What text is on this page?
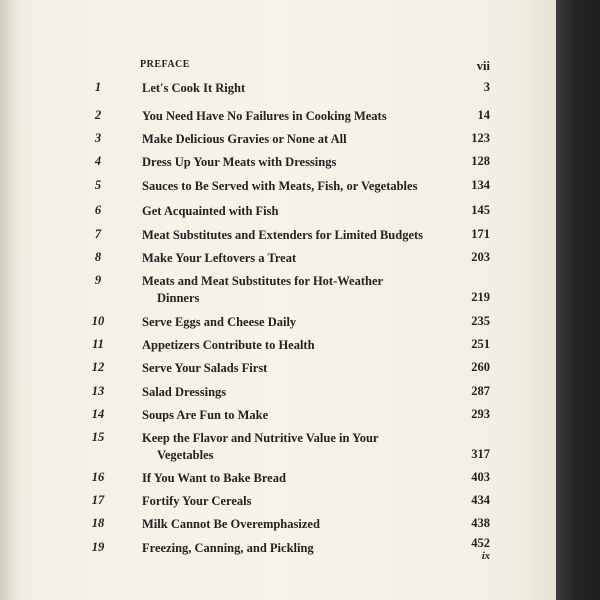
PREFACE	vii
1	Let's Cook It Right	3
2	You Need Have No Failures in Cooking Meats	14
3	Make Delicious Gravies or None at All	123
4	Dress Up Your Meats with Dressings	128
5	Sauces to Be Served with Meats, Fish, or Vegetables	134
6	Get Acquainted with Fish	145
7	Meat Substitutes and Extenders for Limited Budgets	171
8	Make Your Leftovers a Treat	203
9	Meats and Meat Substitutes for Hot-Weather
Dinners	219
10	Serve Eggs and Cheese Daily	235
11	Appetizers Contribute to Health	251
12	Serve Your Salads First	260
13	Salad Dressings	287
14	Soups Are Fun to Make	293
15	Keep the Flavor and Nutritive Value in Your
Vegetables	317
16	If You Want to Bake Bread	403
17	Fortify Your Cereals	434
18	Milk Cannot Be Overemphasized	438
19	Freezing, Canning, and Pickling	452
ix
